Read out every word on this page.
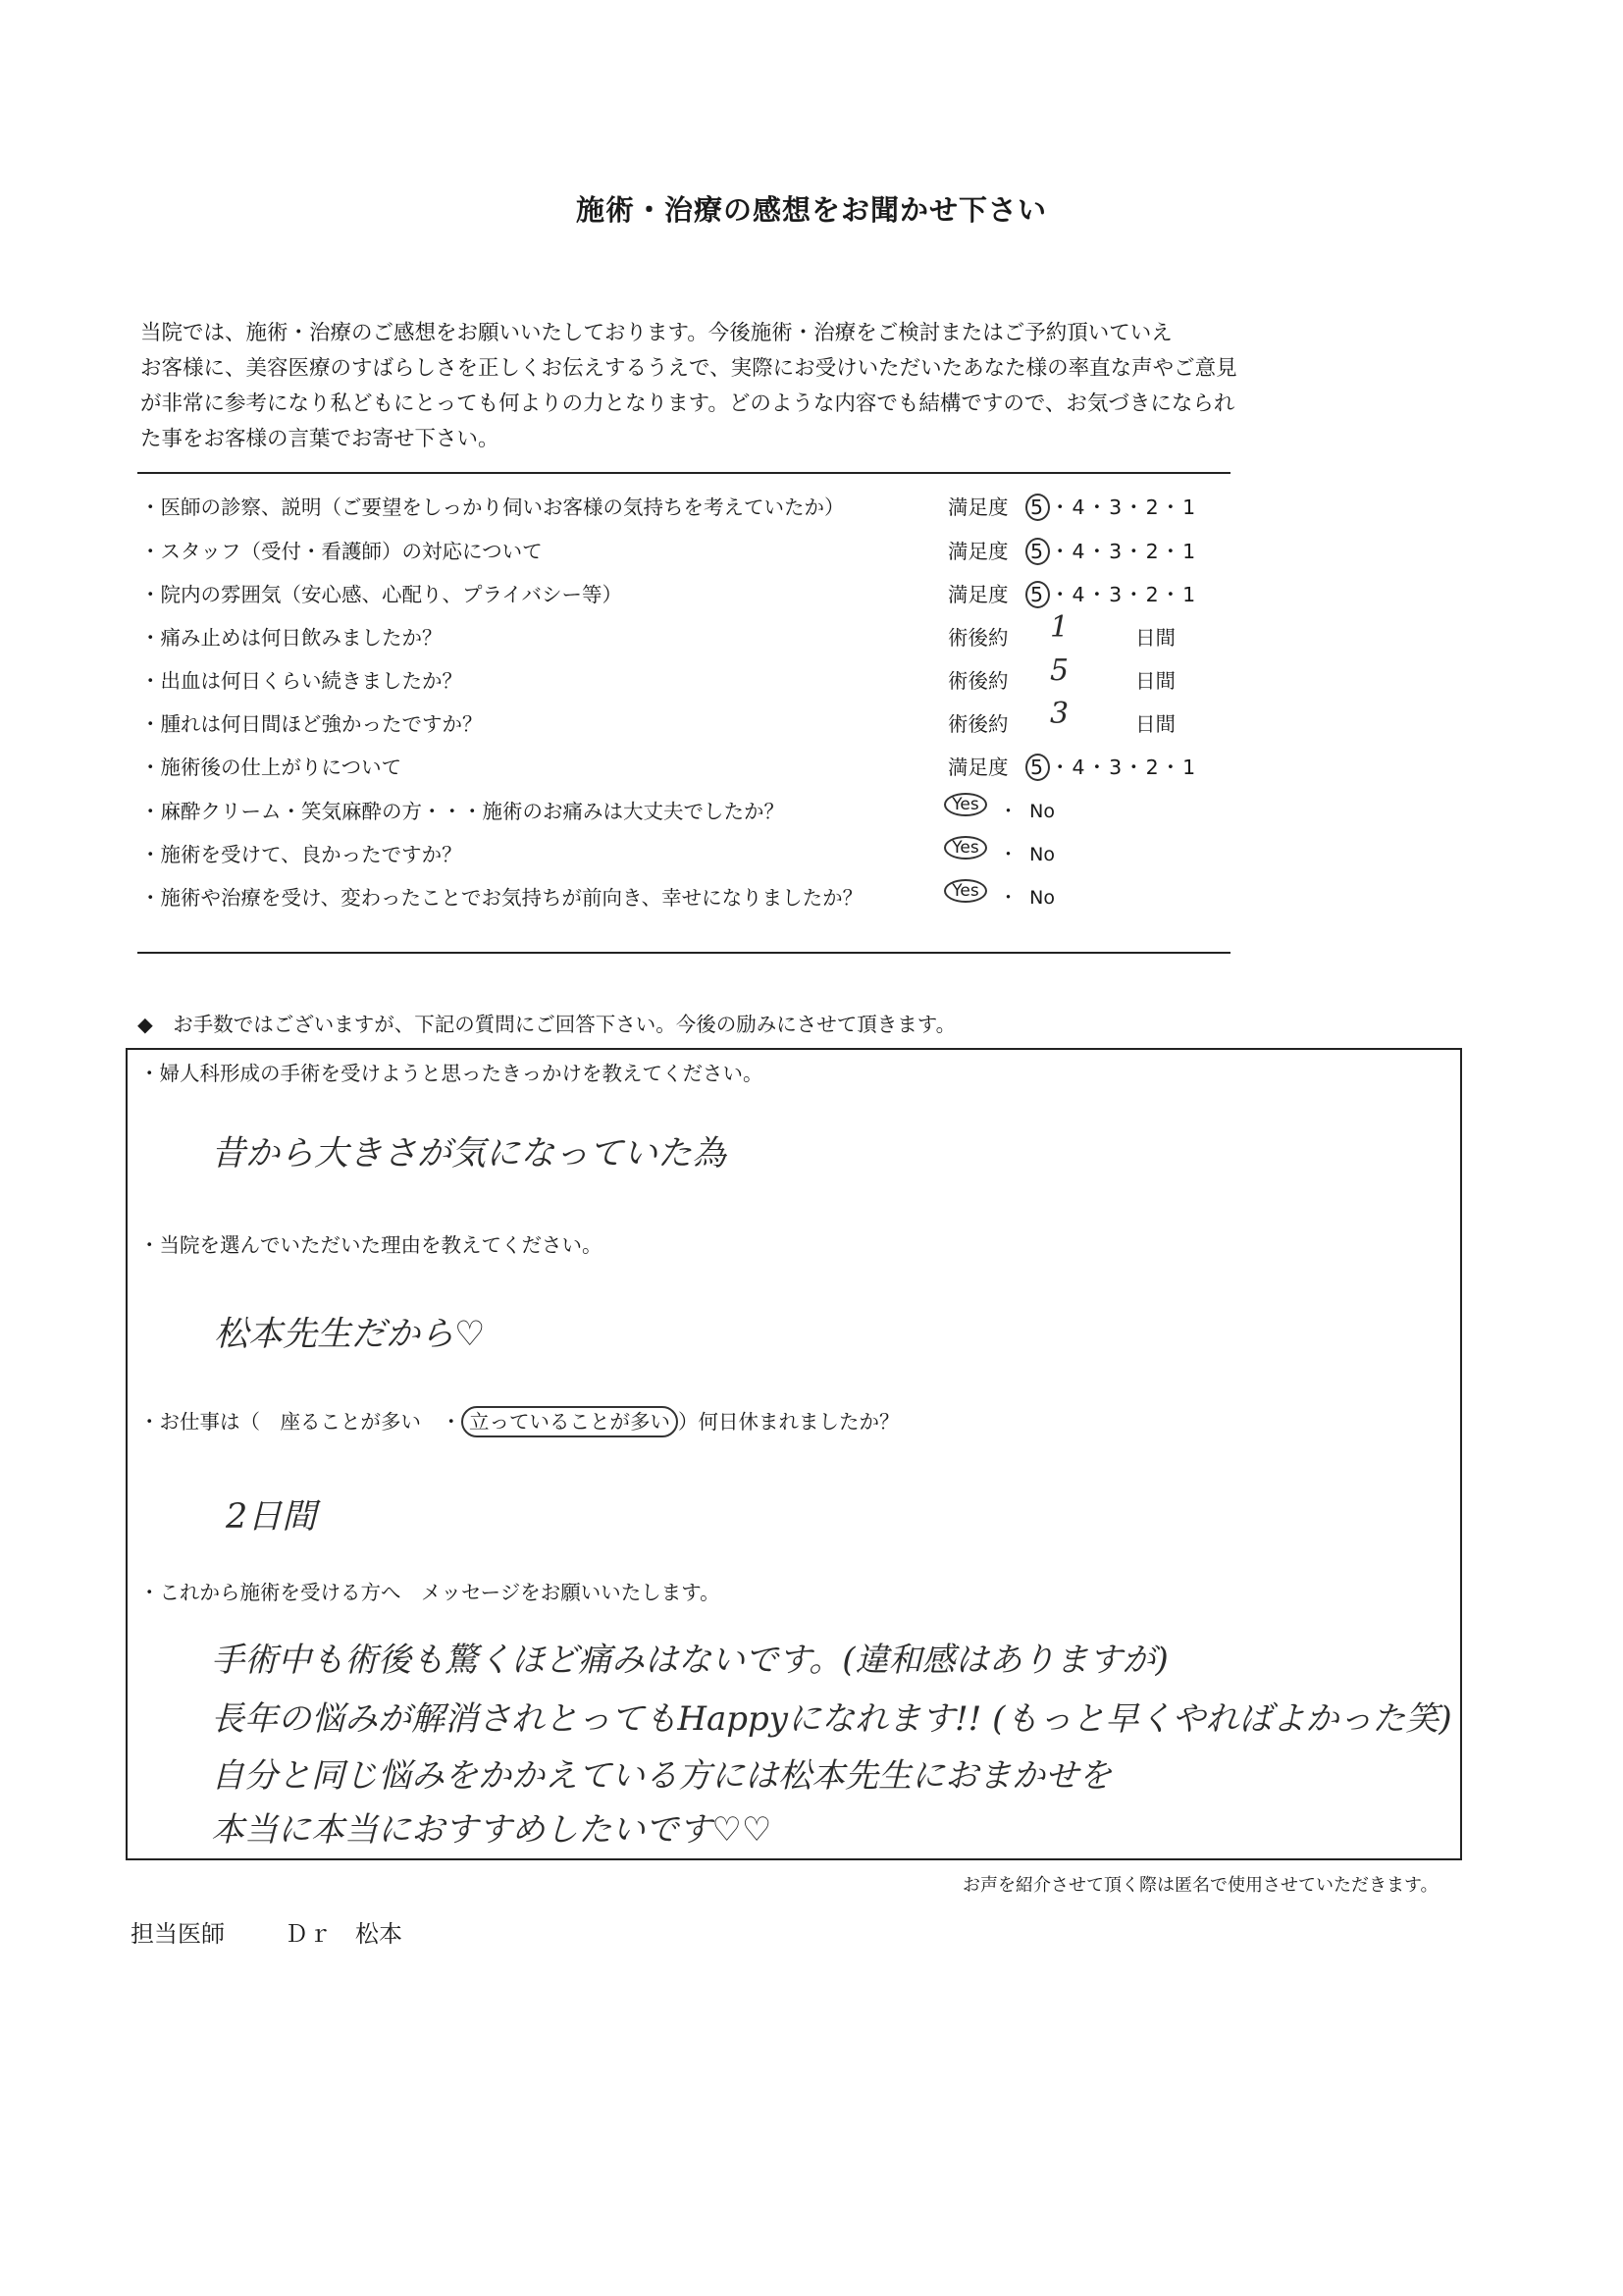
施術・治療の感想をお聞かせ下さい
当院では、施術・治療のご感想をお願いいたしております。今後施術・治療をご検討またはご予約頂いていえ
お客様に、美容医療のすばらしさを正しくお伝えするうえで、実際にお受けいただいたあなた様の率直な声やご意見
が非常に参考になり私どもにとっても何よりの力となります。どのような内容でも結構ですので、お気づきになられ
た事をお客様の言葉でお寄せ下さい。
・医師の診察、説明（ご要望をしっかり伺いお客様の気持ちを考えていたか）	満足度 5 ・4・3・2・1
・スタッフ（受付・看護師）の対応について	満足度 5 ・4・3・2・1
・院内の雰囲気（安心感、心配り、プライバシー等）	満足度 5 ・4・3・2・1
・痛み止めは何日飲みましたか？	術後約 1	日間
・出血は何日くらい続きましたか？	術後約 5	日間
・腫れは何日間ほど強かったですか？	術後約 3	日間
・施術後の仕上がりについて	満足度 5 ・4・3・2・1
・麻酔クリーム・笑気麻酔の方・・・施術のお痛みは大丈夫でしたか？	Yes	・ No
・施術を受けて、良かったですか？	Yes	・ No
・施術や治療を受け、変わったことでお気持ちが前向き、幸せになりましたか？	Yes	・ No
◆　お手数ではございますが、下記の質問にご回答下さい。今後の励みにさせて頂きます。
・婦人科形成の手術を受けようと思ったきっかけを教えてください。
昔から大きさが気になっていた為
・当院を選んでいただいた理由を教えてください。
松本先生だから♡
・お仕事は（　座ることが多い　・ 立っていることが多い ）何日休まれましたか？
2日間
・これから施術を受ける方へ　メッセージをお願いいたします。
手術中も術後も驚くほど痛みはないです。(違和感はありますが)
長年の悩みが解消されとってもHappyになれます!! (もっと早くやればよかった笑)
自分と同じ悩みをかかえている方には松本先生におまかせを
本当に本当におすすめしたいです♡♡
お声を紹介させて頂く際は匿名で使用させていただきます。
担当医師	Ｄｒ　松本
